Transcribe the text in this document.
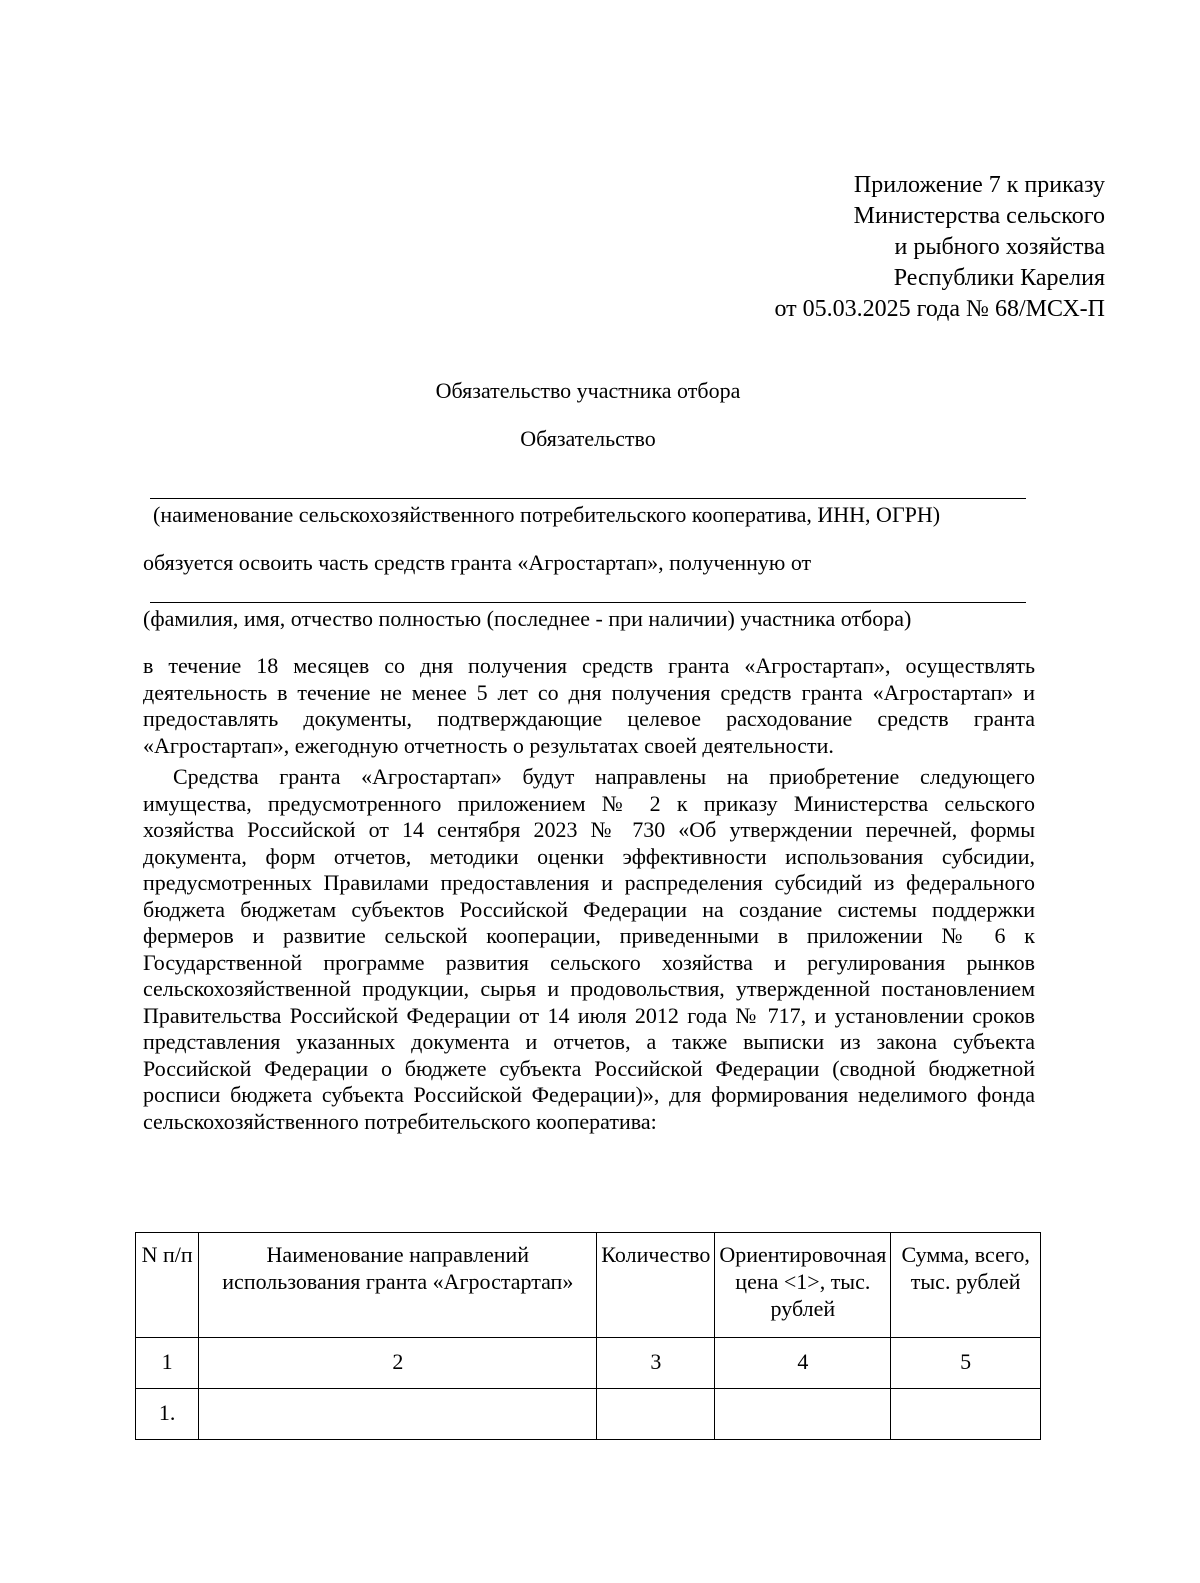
Приложение 7 к приказу
Министерства сельского
и рыбного хозяйства
Республики Карелия
от 05.03.2025 года № 68/МСХ-П
Обязательство участника отбора
Обязательство
(наименование сельскохозяйственного потребительского кооператива, ИНН, ОГРН)
обязуется освоить часть средств гранта «Агростартап», полученную от
(фамилия, имя, отчество полностью (последнее - при наличии) участника отбора)
в течение 18 месяцев со дня получения средств гранта «Агростартап», осуществлять деятельность в течение не менее 5 лет со дня получения средств гранта «Агростартап» и предоставлять документы, подтверждающие целевое расходование средств гранта «Агростартап», ежегодную отчетность о результатах своей деятельности.
Средства гранта «Агростартап» будут направлены на приобретение следующего имущества, предусмотренного приложением № 2 к приказу Министерства сельского хозяйства Российской от 14 сентября 2023 № 730 «Об утверждении перечней, формы документа, форм отчетов, методики оценки эффективности использования субсидии, предусмотренных Правилами предоставления и распределения субсидий из федерального бюджета бюджетам субъектов Российской Федерации на создание системы поддержки фермеров и развитие сельской кооперации, приведенными в приложении № 6 к Государственной программе развития сельского хозяйства и регулирования рынков сельскохозяйственной продукции, сырья и продовольствия, утвержденной постановлением Правительства Российской Федерации от 14 июля 2012 года № 717, и установлении сроков представления указанных документа и отчетов, а также выписки из закона субъекта Российской Федерации о бюджете субъекта Российской Федерации (сводной бюджетной росписи бюджета субъекта Российской Федерации)», для формирования неделимого фонда сельскохозяйственного потребительского кооператива:
N п/п	Наименование направлений использования гранта «Агростартап»	Количество	Ориентировочная цена <1>, тыс. рублей	Сумма, всего, тыс. рублей
1	2	3	4	5
1.				
